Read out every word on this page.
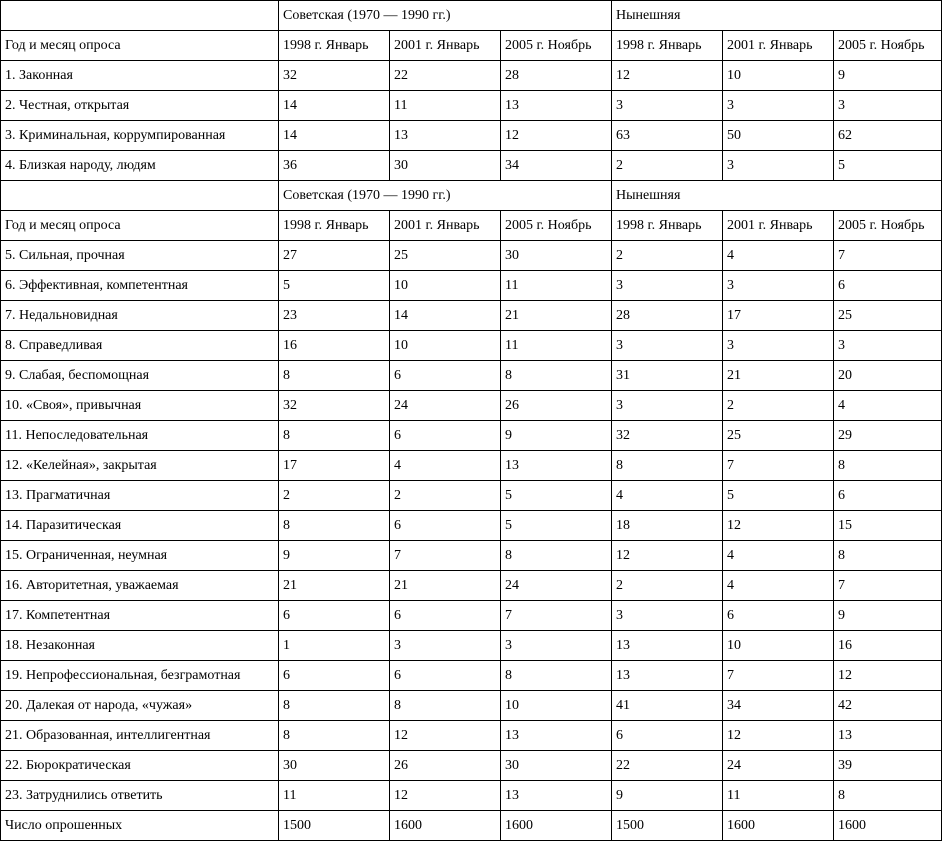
	Советская (1970 — 1990 гг.)			Нынешняя		
Год и месяц опроса	1998 г. Январь	2001 г. Январь	2005 г. Ноябрь	1998 г. Январь	2001 г. Январь	2005 г. Ноябрь
1. Законная	32	22	28	12	10	9
2. Честная, открытая	14	11	13	3	3	3
3. Криминальная, коррумпированная	14	13	12	63	50	62
4. Близкая народу, людям	36	30	34	2	3	5
	Советская (1970 — 1990 гг.)			Нынешняя		
Год и месяц опроса	1998 г. Январь	2001 г. Январь	2005 г. Ноябрь	1998 г. Январь	2001 г. Январь	2005 г. Ноябрь
5. Сильная, прочная	27	25	30	2	4	7
6. Эффективная, компетентная	5	10	11	3	3	6
7. Недальновидная	23	14	21	28	17	25
8. Справедливая	16	10	11	3	3	3
9. Слабая, беспомощная	8	6	8	31	21	20
10. «Своя», привычная	32	24	26	3	2	4
11. Непоследовательная	8	6	9	32	25	29
12. «Келейная», закрытая	17	4	13	8	7	8
13. Прагматичная	2	2	5	4	5	6
14. Паразитическая	8	6	5	18	12	15
15. Ограниченная, неумная	9	7	8	12	4	8
16. Авторитетная, уважаемая	21	21	24	2	4	7
17. Компетентная	6	6	7	3	6	9
18. Незаконная	1	3	3	13	10	16
19. Непрофессиональная, безграмотная	6	6	8	13	7	12
20. Далекая от народа, «чужая»	8	8	10	41	34	42
21. Образованная, интеллигентная	8	12	13	6	12	13
22. Бюрократическая	30	26	30	22	24	39
23. Затруднились ответить	11	12	13	9	11	8
Число опрошенных	1500	1600	1600	1500	1600	1600
